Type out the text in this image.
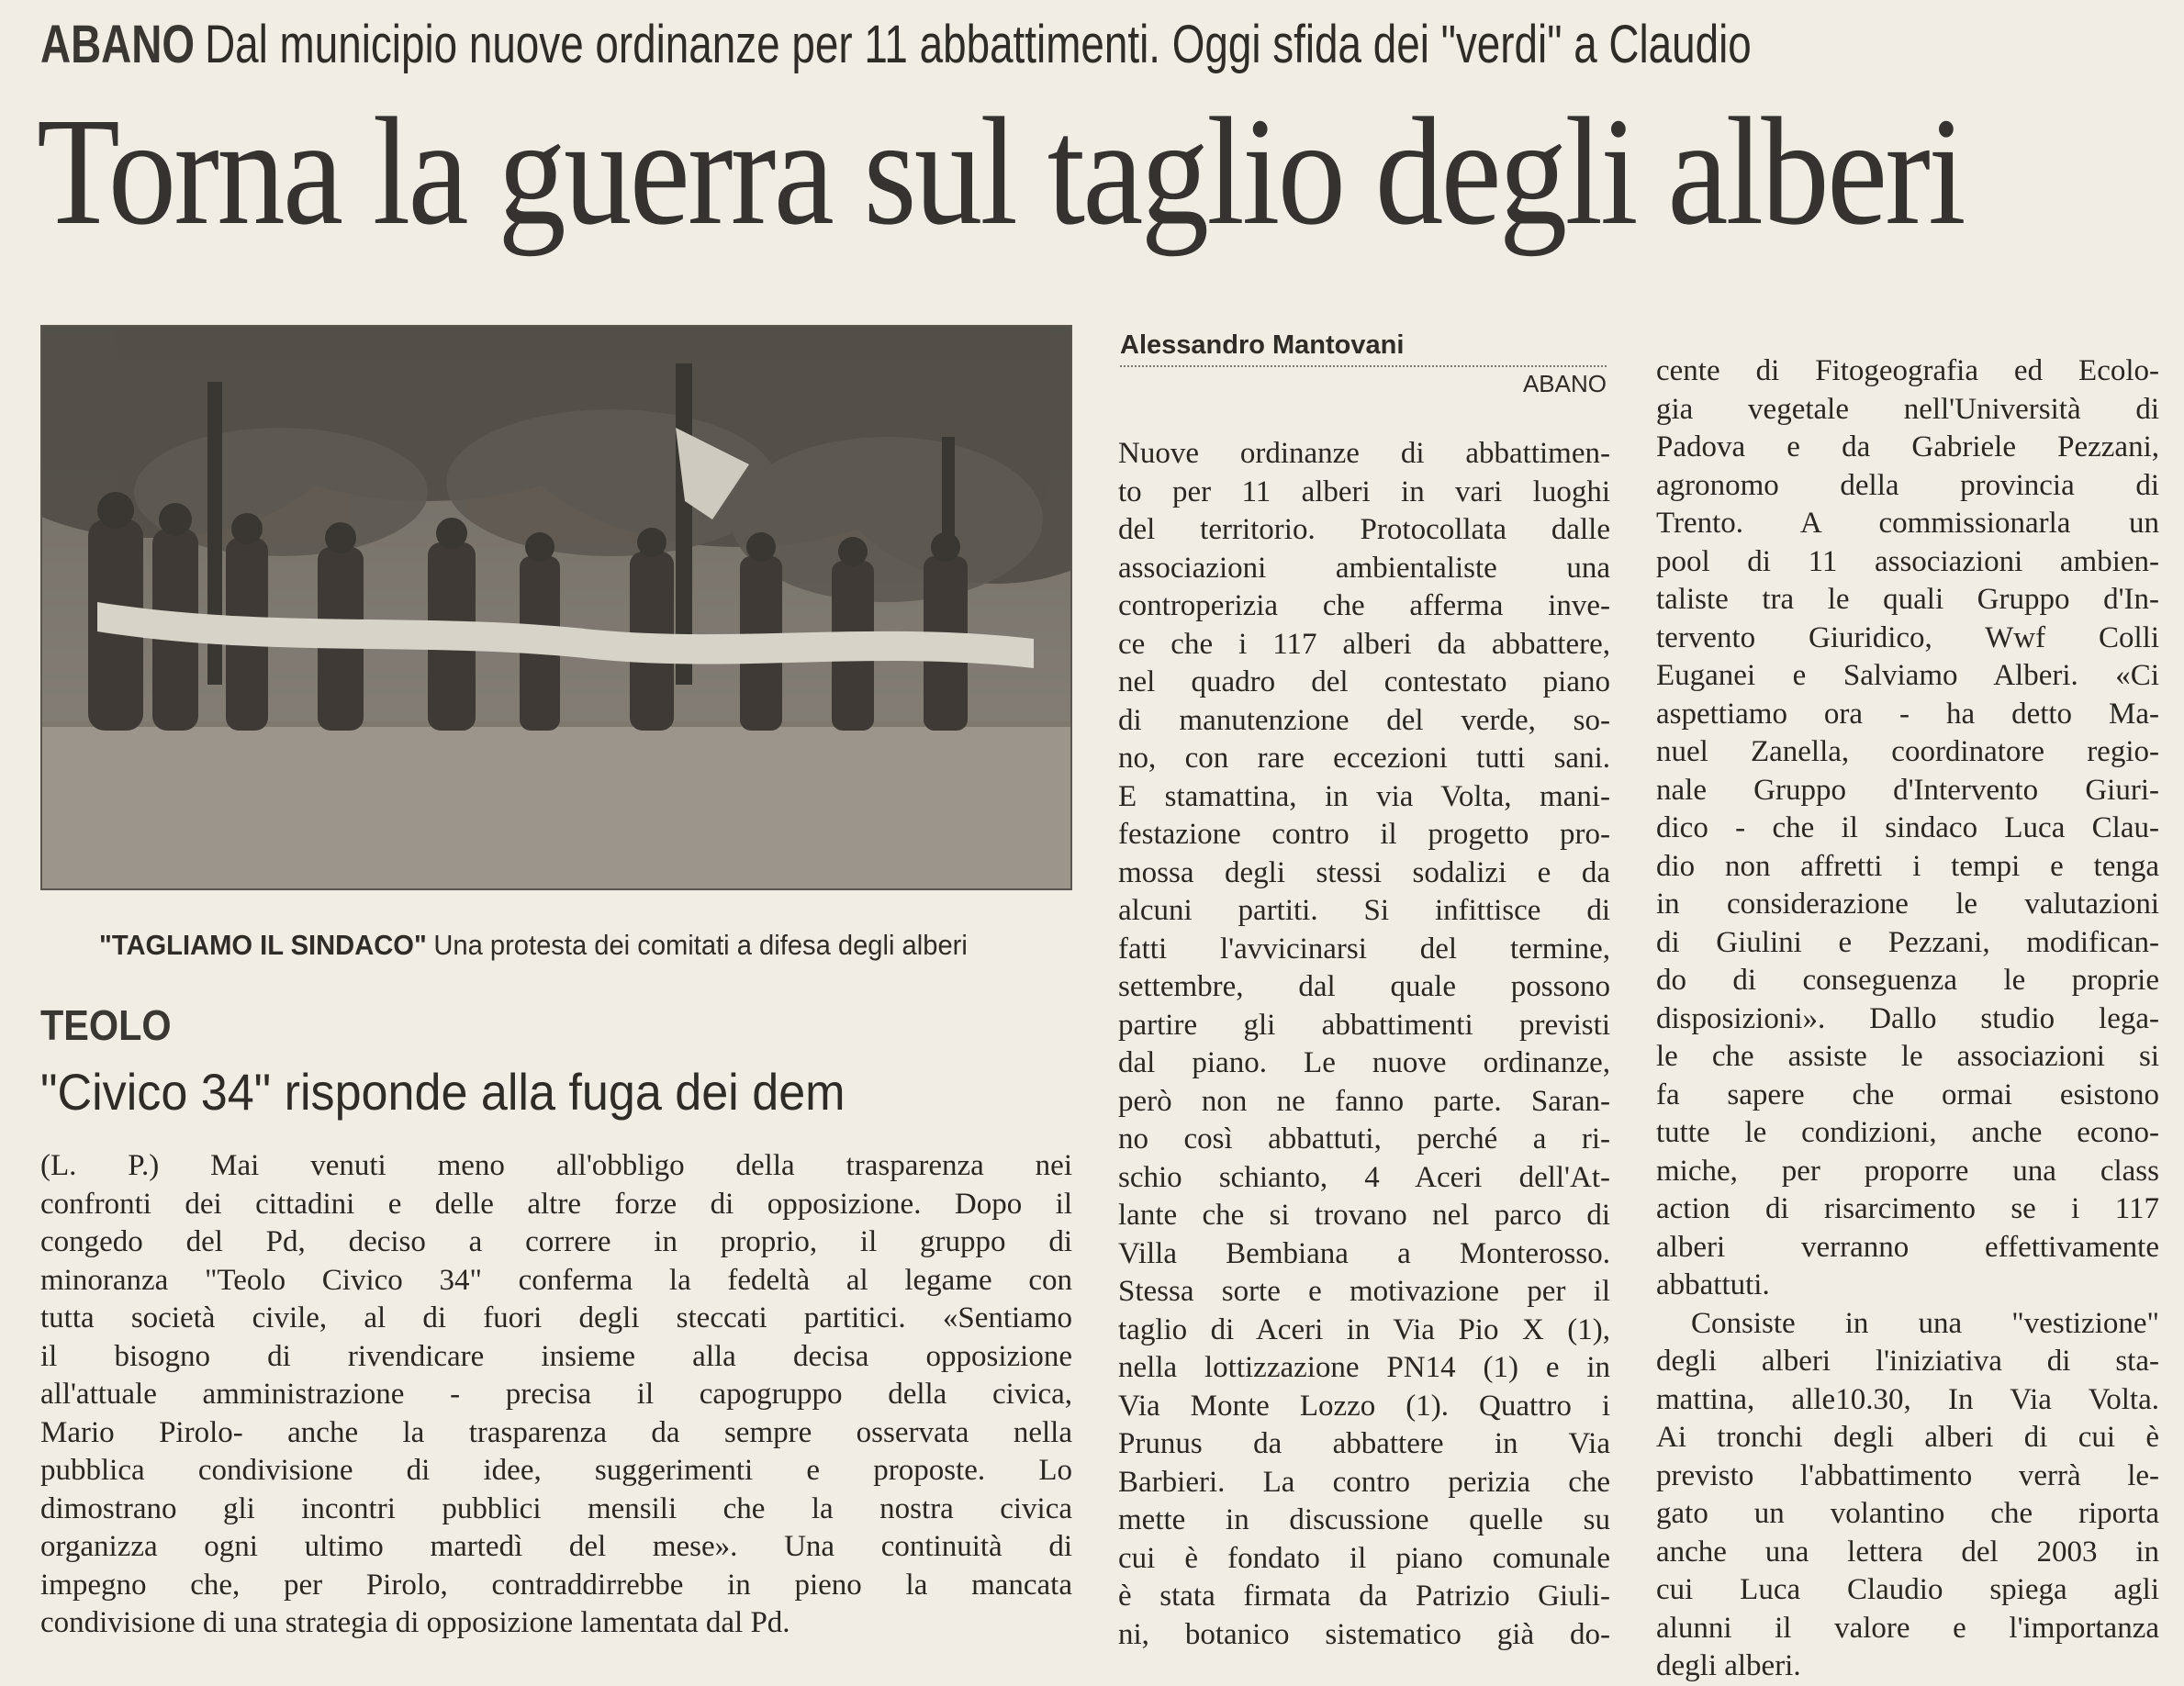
ABANO Dal municipio nuove ordinanze per 11 abbattimenti. Oggi sfida dei "verdi" a Claudio
Torna la guerra sul taglio degli alberi
"TAGLIAMO IL SINDACO" Una protesta dei comitati a difesa degli alberi
TEOLO
"Civico 34" risponde alla fuga dei dem
(L. P.) Mai venuti meno all'obbligo della trasparenza nei
confronti dei cittadini e delle altre forze di opposizione. Dopo il
congedo del Pd, deciso a correre in proprio, il gruppo di
minoranza "Teolo Civico 34" conferma la fedeltà al legame con
tutta società civile, al di fuori degli steccati partitici. «Sentiamo
il bisogno di rivendicare insieme alla decisa opposizione
all'attuale amministrazione - precisa il capogruppo della civica,
Mario Pirolo- anche la trasparenza da sempre osservata nella
pubblica condivisione di idee, suggerimenti e proposte. Lo
dimostrano gli incontri pubblici mensili che la nostra civica
organizza ogni ultimo martedì del mese». Una continuità di
impegno che, per Pirolo, contraddirrebbe in pieno la mancata
condivisione di una strategia di opposizione lamentata dal Pd.
Alessandro Mantovani
ABANO
Nuove ordinanze di abbattimen-
to per 11 alberi in vari luoghi
del territorio. Protocollata dalle
associazioni ambientaliste una
controperizia che afferma inve-
ce che i 117 alberi da abbattere,
nel quadro del contestato piano
di manutenzione del verde, so-
no, con rare eccezioni tutti sani.
E stamattina, in via Volta, mani-
festazione contro il progetto pro-
mossa degli stessi sodalizi e da
alcuni partiti. Si infittisce di
fatti l'avvicinarsi del termine,
settembre, dal quale possono
partire gli abbattimenti previsti
dal piano. Le nuove ordinanze,
però non ne fanno parte. Saran-
no così abbattuti, perché a ri-
schio schianto, 4 Aceri dell'At-
lante che si trovano nel parco di
Villa Bembiana a Monterosso.
Stessa sorte e motivazione per il
taglio di Aceri in Via Pio X (1),
nella lottizzazione PN14 (1) e in
Via Monte Lozzo (1). Quattro i
Prunus da abbattere in Via
Barbieri. La contro perizia che
mette in discussione quelle su
cui è fondato il piano comunale
è stata firmata da Patrizio Giuli-
ni, botanico sistematico già do-
cente di Fitogeografia ed Ecolo-
gia vegetale nell'Università di
Padova e da Gabriele Pezzani,
agronomo della provincia di
Trento. A commissionarla un
pool di 11 associazioni ambien-
taliste tra le quali Gruppo d'In-
tervento Giuridico, Wwf Colli
Euganei e Salviamo Alberi. «Ci
aspettiamo ora - ha detto Ma-
nuel Zanella, coordinatore regio-
nale Gruppo d'Intervento Giuri-
dico - che il sindaco Luca Clau-
dio non affretti i tempi e tenga
in considerazione le valutazioni
di Giulini e Pezzani, modifican-
do di conseguenza le proprie
disposizioni». Dallo studio lega-
le che assiste le associazioni si
fa sapere che ormai esistono
tutte le condizioni, anche econo-
miche, per proporre una class
action di risarcimento se i 117
alberi verranno effettivamente
abbattuti.
Consiste in una "vestizione"
degli alberi l'iniziativa di sta-
mattina, alle10.30, In Via Volta.
Ai tronchi degli alberi di cui è
previsto l'abbattimento verrà le-
gato un volantino che riporta
anche una lettera del 2003 in
cui Luca Claudio spiega agli
alunni il valore e l'importanza
degli alberi.
